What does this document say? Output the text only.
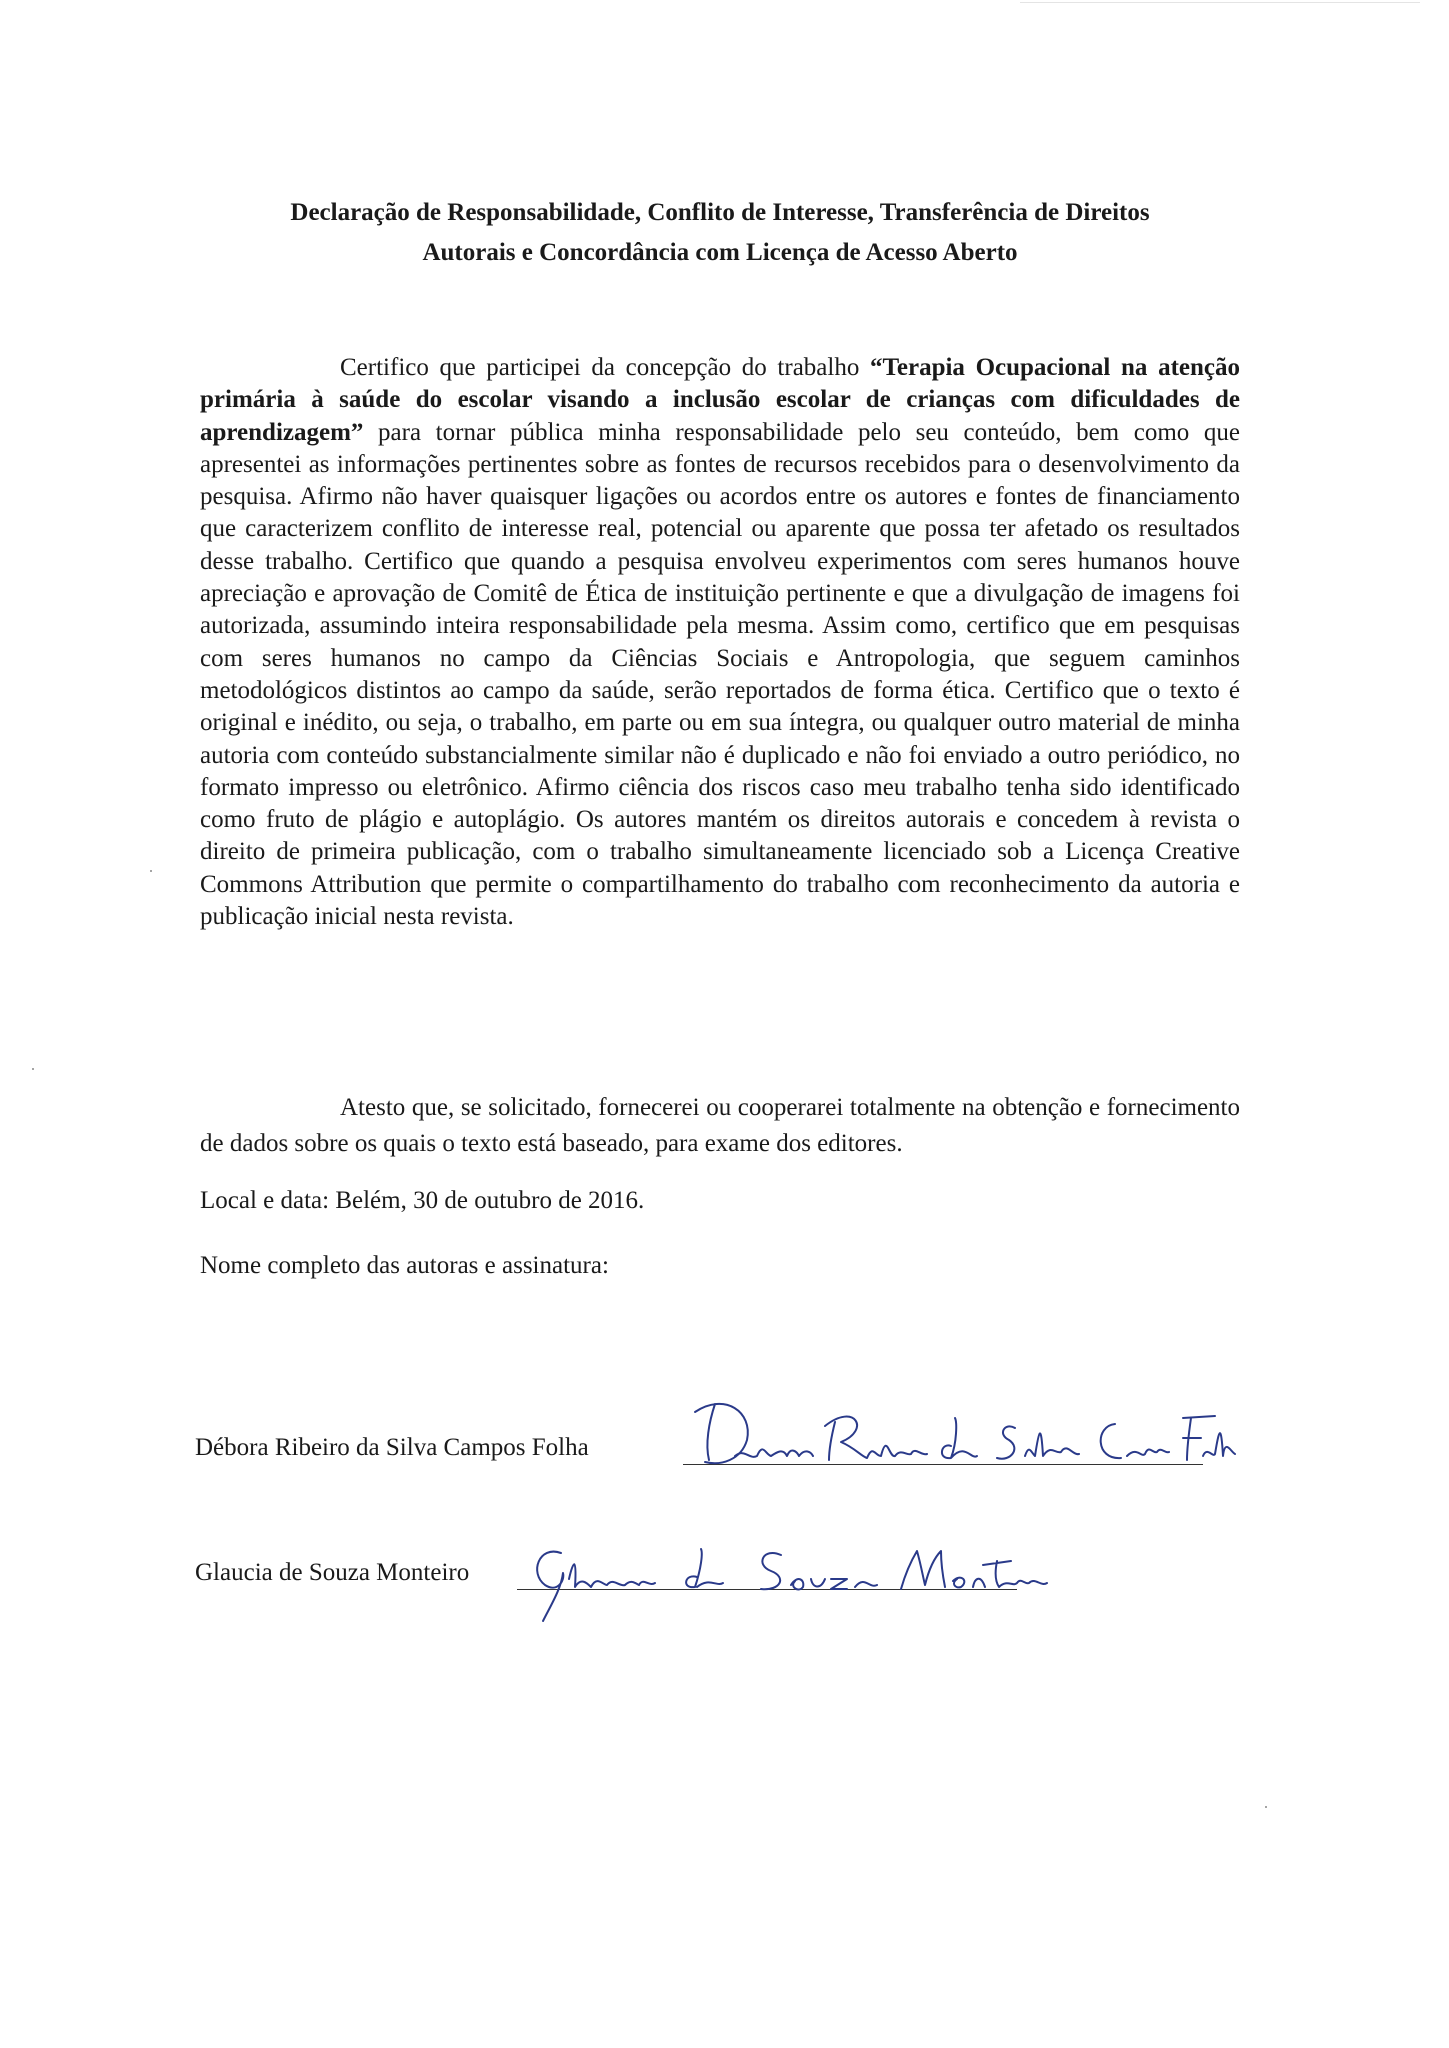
Declaração de Responsabilidade, Conflito de Interesse, Transferência de Direitos
Autorais e Concordância com Licença de Acesso Aberto

Certifico que participei da concepção do trabalho “Terapia Ocupacional na atenção primária à saúde do escolar visando a inclusão escolar de crianças com dificuldades de aprendizagem” para tornar pública minha responsabilidade pelo seu conteúdo, bem como que apresentei as informações pertinentes sobre as fontes de recursos recebidos para o desenvolvimento da pesquisa. Afirmo não haver quaisquer ligações ou acordos entre os autores e fontes de financiamento que caracterizem conflito de interesse real, potencial ou aparente que possa ter afetado os resultados desse trabalho. Certifico que quando a pesquisa envolveu experimentos com seres humanos houve apreciação e aprovação de Comitê de Ética de instituição pertinente e que a divulgação de imagens foi autorizada, assumindo inteira responsabilidade pela mesma. Assim como, certifico que em pesquisas com seres humanos no campo da Ciências Sociais e Antropologia, que seguem caminhos metodológicos distintos ao campo da saúde, serão reportados de forma ética. Certifico que o texto é original e inédito, ou seja, o trabalho, em parte ou em sua íntegra, ou qualquer outro material de minha autoria com conteúdo substancialmente similar não é duplicado e não foi enviado a outro periódico, no formato impresso ou eletrônico. Afirmo ciência dos riscos caso meu trabalho tenha sido identificado como fruto de plágio e autoplágio. Os autores mantém os direitos autorais e concedem à revista o direito de primeira publicação, com o trabalho simultaneamente licenciado sob a Licença Creative Commons Attribution que permite o compartilhamento do trabalho com reconhecimento da autoria e publicação inicial nesta revista.

Atesto que, se solicitado, fornecerei ou cooperarei totalmente na obtenção e fornecimento de dados sobre os quais o texto está baseado, para exame dos editores.

Local e data: Belém, 30 de outubro de 2016.

Nome completo das autoras e assinatura:

Débora Ribeiro da Silva Campos Folha
Glaucia de Souza Monteiro
